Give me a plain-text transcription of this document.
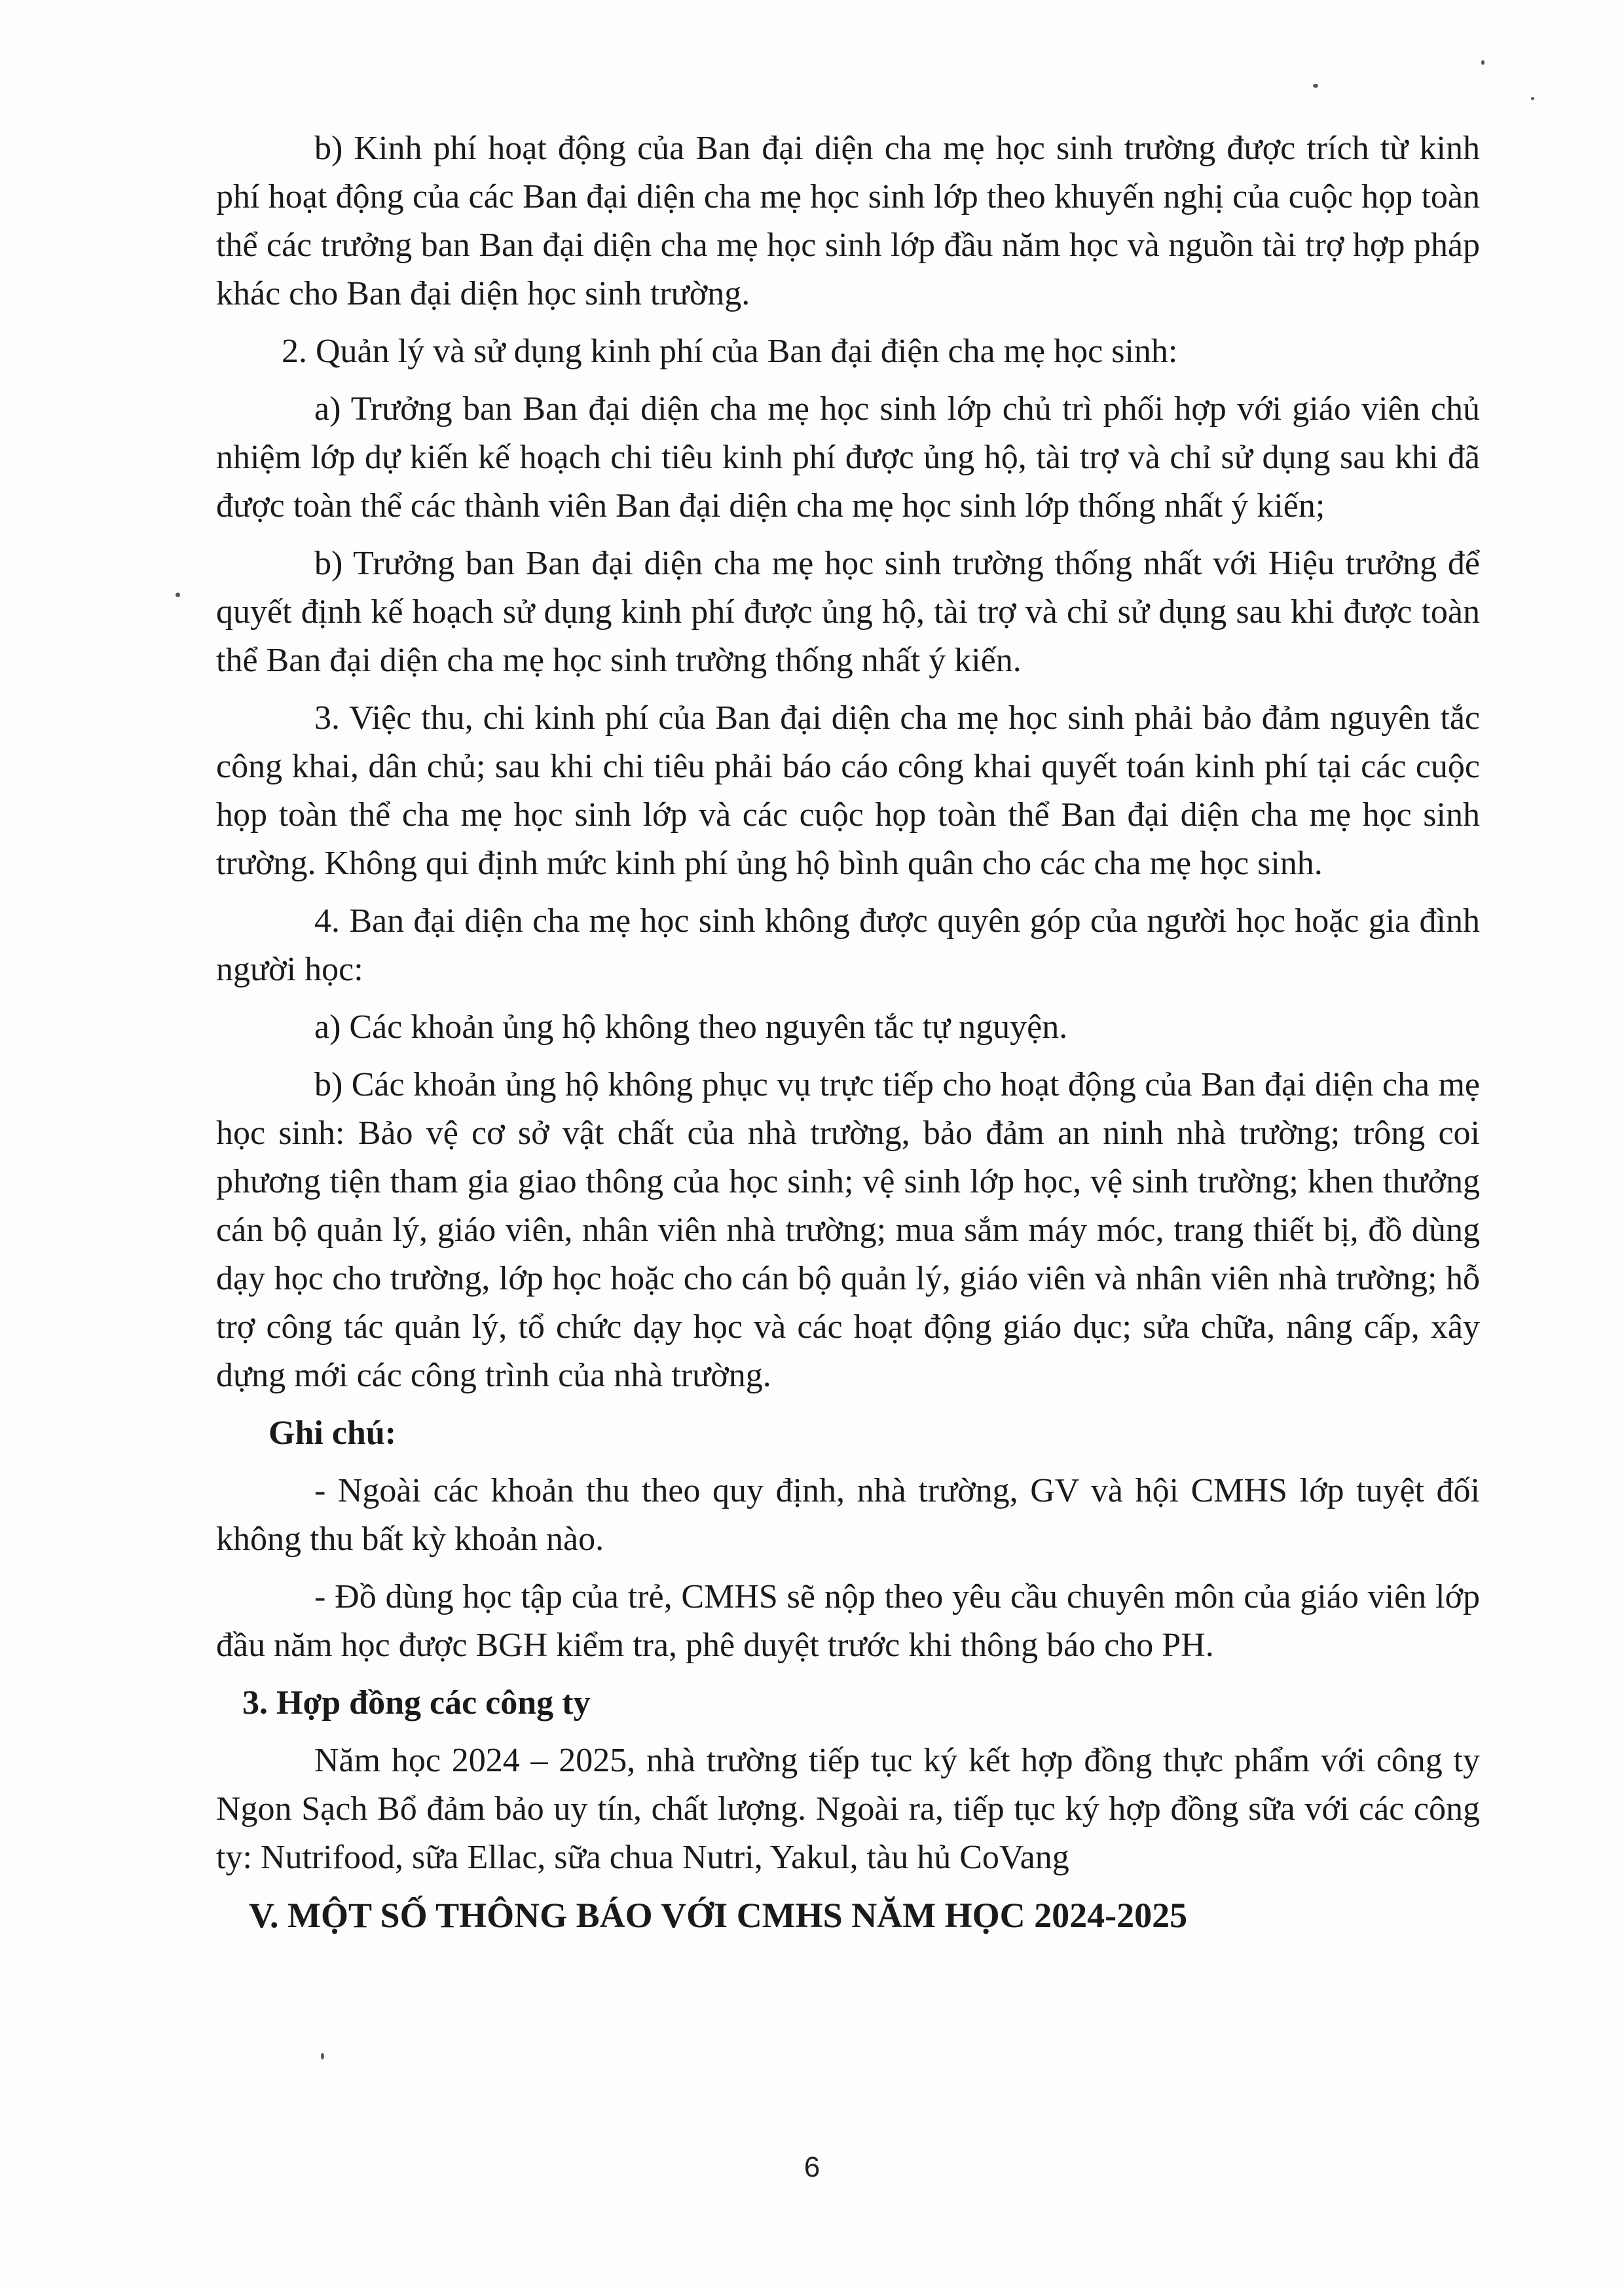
b) Kinh phí hoạt động của Ban đại diện cha mẹ học sinh trường được trích từ kinh phí hoạt động của các Ban đại diện cha mẹ học sinh lớp theo khuyến nghị của cuộc họp toàn thể các trưởng ban Ban đại diện cha mẹ học sinh lớp đầu năm học và nguồn tài trợ hợp pháp khác cho Ban đại diện học sinh trường.

2. Quản lý và sử dụng kinh phí của Ban đại điện cha mẹ học sinh:

a) Trưởng ban Ban đại diện cha mẹ học sinh lớp chủ trì phối hợp với giáo viên chủ nhiệm lớp dự kiến kế hoạch chi tiêu kinh phí được ủng hộ, tài trợ và chỉ sử dụng sau khi đã được toàn thể các thành viên Ban đại diện cha mẹ học sinh lớp thống nhất ý kiến;

b) Trưởng ban Ban đại diện cha mẹ học sinh trường thống nhất với Hiệu trưởng để quyết định kế hoạch sử dụng kinh phí được ủng hộ, tài trợ và chỉ sử dụng sau khi được toàn thể Ban đại diện cha mẹ học sinh trường thống nhất ý kiến.

3. Việc thu, chi kinh phí của Ban đại diện cha mẹ học sinh phải bảo đảm nguyên tắc công khai, dân chủ; sau khi chi tiêu phải báo cáo công khai quyết toán kinh phí tại các cuộc họp toàn thể cha mẹ học sinh lớp và các cuộc họp toàn thể Ban đại diện cha mẹ học sinh trường. Không qui định mức kinh phí ủng hộ bình quân cho các cha mẹ học sinh.

4. Ban đại diện cha mẹ học sinh không được quyên góp của người học hoặc gia đình người học:

a) Các khoản ủng hộ không theo nguyên tắc tự nguyện.

b) Các khoản ủng hộ không phục vụ trực tiếp cho hoạt động của Ban đại diện cha mẹ học sinh: Bảo vệ cơ sở vật chất của nhà trường, bảo đảm an ninh nhà trường; trông coi phương tiện tham gia giao thông của học sinh; vệ sinh lớp học, vệ sinh trường; khen thưởng cán bộ quản lý, giáo viên, nhân viên nhà trường; mua sắm máy móc, trang thiết bị, đồ dùng dạy học cho trường, lớp học hoặc cho cán bộ quản lý, giáo viên và nhân viên nhà trường; hỗ trợ công tác quản lý, tổ chức dạy học và các hoạt động giáo dục; sửa chữa, nâng cấp, xây dựng mới các công trình của nhà trường.

Ghi chú:

- Ngoài các khoản thu theo quy định, nhà trường, GV và hội CMHS lớp tuyệt đối không thu bất kỳ khoản nào.

- Đồ dùng học tập của trẻ, CMHS sẽ nộp theo yêu cầu chuyên môn của giáo viên lớp đầu năm học được BGH kiểm tra, phê duyệt trước khi thông báo cho PH.

3. Hợp đồng các công ty

Năm học 2024 – 2025, nhà trường tiếp tục ký kết hợp đồng thực phẩm với công ty Ngon Sạch Bổ đảm bảo uy tín, chất lượng. Ngoài ra, tiếp tục ký hợp đồng sữa với các công ty: Nutrifood, sữa Ellac, sữa chua Nutri, Yakul, tàu hủ CoVang

V. MỘT SỐ THÔNG BÁO VỚI CMHS NĂM HỌC 2024-2025
6
